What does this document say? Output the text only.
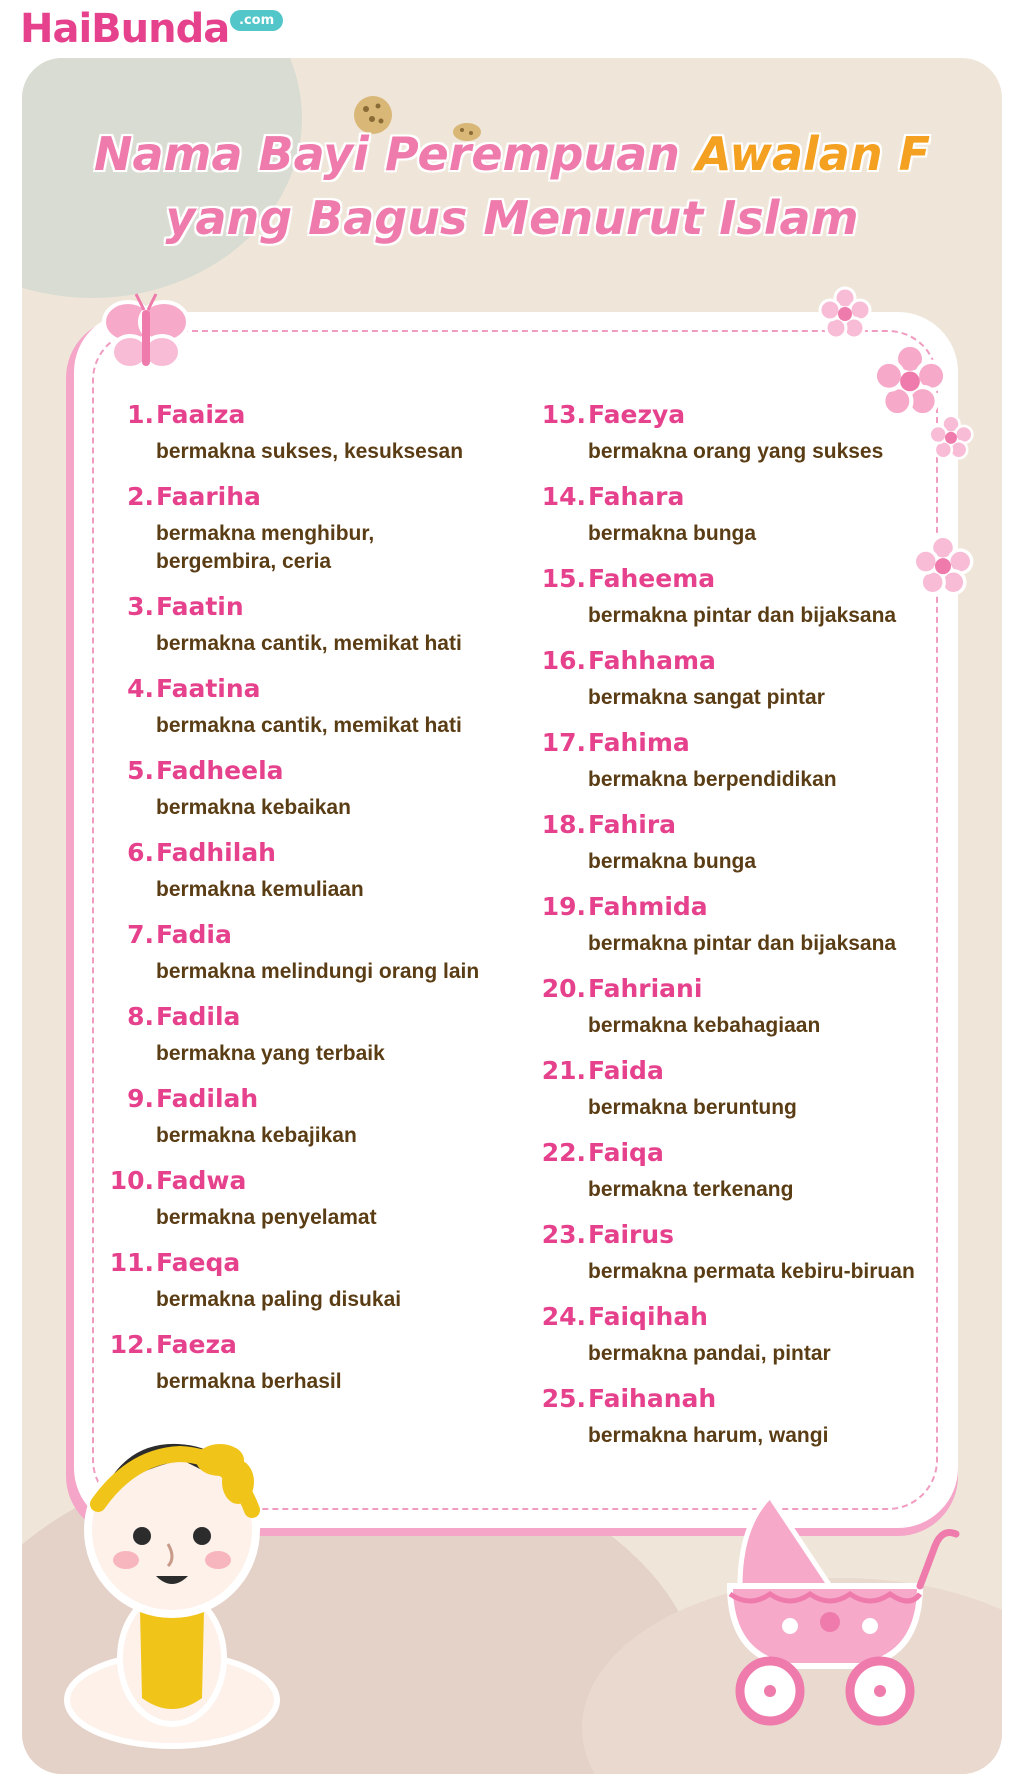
HaiBunda .com
Nama Bayi Perempuan Awalan F
yang Bagus Menurut Islam
1. Faaiza
bermakna sukses, kesuksesan
2. Faariha
bermakna menghibur, bergembira, ceria
3. Faatin
bermakna cantik, memikat hati
4. Faatina
bermakna cantik, memikat hati
5. Fadheela
bermakna kebaikan
6. Fadhilah
bermakna kemuliaan
7. Fadia
bermakna melindungi orang lain
8. Fadila
bermakna yang terbaik
9. Fadilah
bermakna kebajikan
10. Fadwa
bermakna penyelamat
11. Faeqa
bermakna paling disukai
12. Faeza
bermakna berhasil
13. Faezya
bermakna orang yang sukses
14. Fahara
bermakna bunga
15. Faheema
bermakna pintar dan bijaksana
16. Fahhama
bermakna sangat pintar
17. Fahima
bermakna berpendidikan
18. Fahira
bermakna bunga
19. Fahmida
bermakna pintar dan bijaksana
20. Fahriani
bermakna kebahagiaan
21. Faida
bermakna beruntung
22. Faiqa
bermakna terkenang
23. Fairus
bermakna permata kebiru-biruan
24. Faiqihah
bermakna pandai, pintar
25. Faihanah
bermakna harum, wangi
